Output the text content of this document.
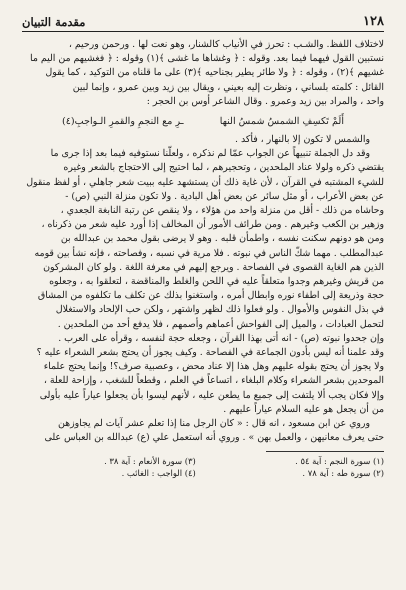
١٢٨
مقدمة التبيان

لاختلاف اللفظ. والشـب : تحرز في الأنياب كالشنار، وهو نعت لها . ورحمن ورحيم ،

نستبين القول فيهما فيما بعد. وقوله : ﴿ وغشاها ما غشى ﴾(١) وقوله : ﴿ فغشيهم من اليم ما

غشيهم ﴾(٢) ، وقوله : ﴿ ولا طائر يطير بجناحيه ﴾(٣) على ما قلناه من التوكيد ، كما يقول

القائل : كلمته بلساني ، ونظرت إليه بعيني ، ويقال بين زيد وبين عمرو ، وإنما لبين

واحد ، والمراد بين زيد وعمرو . وقال الشاعر أوس بن الحجر :

أَلَمْ تَكسِفِ الشمسُ شمسُ النها
ـرِ مع النجمِ والقمرِ الـواجبِ(٤)

والشمس لا تكون إلا بالنهار ، فأكد .

وقد دل الجملة تنبيهاً عن الجواب عمّا لم نذكره ، ولعلّنا نستوفيه فيما بعد إذا جرى ما

يقتضي ذكره ولولا عناد الملحدين ، وتحجيرهم ، لما احتيج إلى الاحتجاج بالشعر وغيره

للشيء المشتبه في القرآن ، لأن غاية ذلك أن يستشهد عليه ببيت شعر جاهلي ، أو لفظ منقول

عن بعض الأعراب ، أو مثل سائر عن بعض أهل البادية . ولا تكون منزلة النبي (ص) -

وحاشاه من ذلك - أقل من منزلة واحد من هؤلاء ، ولا ينقص عن رتبة النابغة الجعدي ،

وزهير بن الكعب وغيرهم . ومن طرائف الأمور أن المخالف إذا أورد عليه شعر من ذكرناه ،

ومن هو دونهم سكنت نفسه ، واطمأن قلبه . وهو لا يرضى بقول محمد بن عبدالله بن

عبدالمطلب . مهما شكّ الناس في نبوته . فلا مرية في نسبه ، وفصاحته ، فإنه نشأ بين قومه

الذين هم الغاية القصوى في الفصاحة . ويرجع إليهم في معرفة اللغة . ولو كان المشركون

من قريش وغيرهم وجدوا متعلقاً عليه في اللحن والغلط والمناقضة ، لتعلقوا به ، وجعلوه

حجة وذريعة إلى اطفاء نوره وابطال أمره ، واستغنوا بذلك عن تكلف ما تكلفوه من المشاق

في بذل النفوس والأموال . ولو فعلوا ذلك لظهر واشتهر ، ولكن حب الإلحاد والاستغلال

لتحمل العبادات ، والميل إلى الفواحش أعماهم وأصمهم ، فلا يدفع أحد من الملحدين .

وإن جحدوا نبوته (ص) - انه أتى بهذا القرآن ، وجعله حجة لنفسه ، وقرأه على العرب .

وقد علمنا أنه ليس بأدون الجماعة في الفصاحة . وكيف يجوز أن يحتج بشعر الشعراء عليه ؟

ولا يجوز أن يحتج بقوله عليهم وهل هذا إلا عناد محض ، وعصبية صرف؟! وإنما يحتج علماء

الموحدين بشعر الشعراء وكلام البلغاء ، اتساعاً في العلم ، وقطعاً للشغب ، وإزاحة للعلة ،

وإلا فكان يجب ألا يلتفت إلى جميع ما يطعن عليه ، لأنهم ليسوا بأن يجعلوا عياراً عليه بأولى

من أن يجعل هو عليه السلام عياراً عليهم .

وروي عن ابن مسعود ، انه قال : « كان الرجل منا إذا تعلم عشر آيات لم يجاوزهن

حتى يعرف معانيهن ، والعمل بهن » . وروي أنه استعمل علي (ع) عبدالله بن العباس على

(١) سورة النجم : آية ٥٤ .
(٢) سورة طه : آية ٧٨ .
(٣) سورة الأنعام : آية ٣٨ .
(٤) الواجب : الغائب .
